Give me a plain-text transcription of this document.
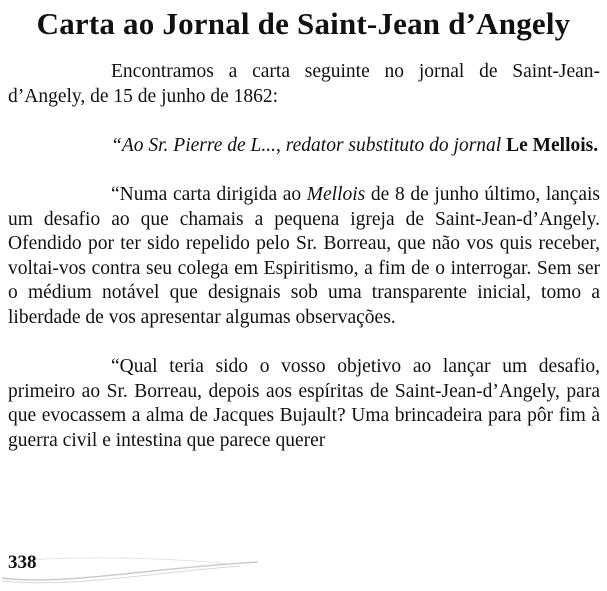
Carta ao Jornal de Saint-Jean d’Angely

Encontramos a carta seguinte no jornal de Saint-Jean-d’Angely, de 15 de junho de 1862:

“Ao Sr. Pierre de L..., redator substituto do jornal Le Mellois.

“Numa carta dirigida ao Mellois de 8 de junho último, lançais um desafio ao que chamais a pequena igreja de Saint-Jean-d’Angely. Ofendido por ter sido repelido pelo Sr. Borreau, que não vos quis receber, voltai-vos contra seu colega em Espiritismo, a fim de o interrogar. Sem ser o médium notável que designais sob uma transparente inicial, tomo a liberdade de vos apresentar algumas observações.

“Qual teria sido o vosso objetivo ao lançar um desafio, primeiro ao Sr. Borreau, depois aos espíritas de Saint-Jean-d’Angely, para que evocassem a alma de Jacques Bujault? Uma brincadeira para pôr fim à guerra civil e intestina que parece querer

338
